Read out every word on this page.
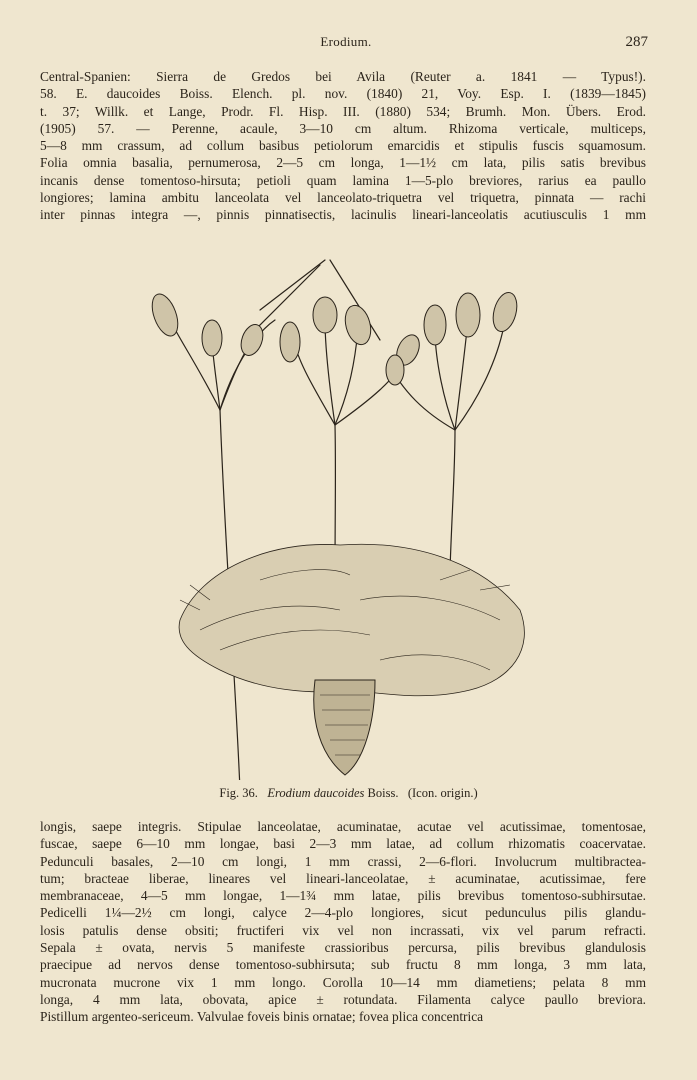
Erodium.	287
Central-Spanien: Sierra de Gredos bei Avila (Reuter a. 1841 — Typus!).
58. E. daucoides Boiss. Elench. pl. nov. (1840) 21, Voy. Esp. I. (1839—1845)
t. 37; Willk. et Lange, Prodr. Fl. Hisp. III. (1880) 534; Brumh. Mon. Übers. Erod.
(1905) 57. — Perenne, acaule, 3—10 cm altum. Rhizoma verticale, multiceps,
5—8 mm crassum, ad collum basibus petiolorum emarcidis et stipulis fuscis squamosum.
Folia omnia basalia, pernumerosa, 2—5 cm longa, 1—1½ cm lata, pilis satis brevibus
incanis dense tomentoso-hirsuta; petioli quam lamina 1—5-plo breviores, rarius ea paullo
longiores; lamina ambitu lanceolata vel lanceolato-triquetra vel triquetra, pinnata — rachi
inter pinnas integra —, pinnis pinnatisectis, lacinulis lineari-lanceolatis acutiusculis 1 mm
Fig. 36. Erodium daucoides Boiss. (Icon. origin.)
longis, saepe integris. Stipulae lanceolatae, acuminatae, acutae vel acutissimae, tomentosae,
fuscae, saepe 6—10 mm longae, basi 2—3 mm latae, ad collum rhizomatis coacervatae.
Pedunculi basales, 2—10 cm longi, 1 mm crassi, 2—6-flori. Involucrum multibractea-
tum; bracteae liberae, lineares vel lineari-lanceolatae, ± acuminatae, acutissimae, fere
membranaceae, 4—5 mm longae, 1—1¾ mm latae, pilis brevibus tomentoso-subhirsutae.
Pedicelli 1¼—2½ cm longi, calyce 2—4-plo longiores, sicut pedunculus pilis glandu-
losis patulis dense obsiti; fructiferi vix vel non incrassati, vix vel parum refracti.
Sepala ± ovata, nervis 5 manifeste crassioribus percursa, pilis brevibus glandulosis
praecipue ad nervos dense tomentoso-subhirsuta; sub fructu 8 mm longa, 3 mm lata,
mucronata mucrone vix 1 mm longo. Corolla 10—14 mm diametiens; pelata 8 mm
longa, 4 mm lata, obovata, apice ± rotundata. Filamenta calyce paullo breviora.
Pistillum argenteo-sericeum. Valvulae foveis binis ornatae; fovea plica concentrica
